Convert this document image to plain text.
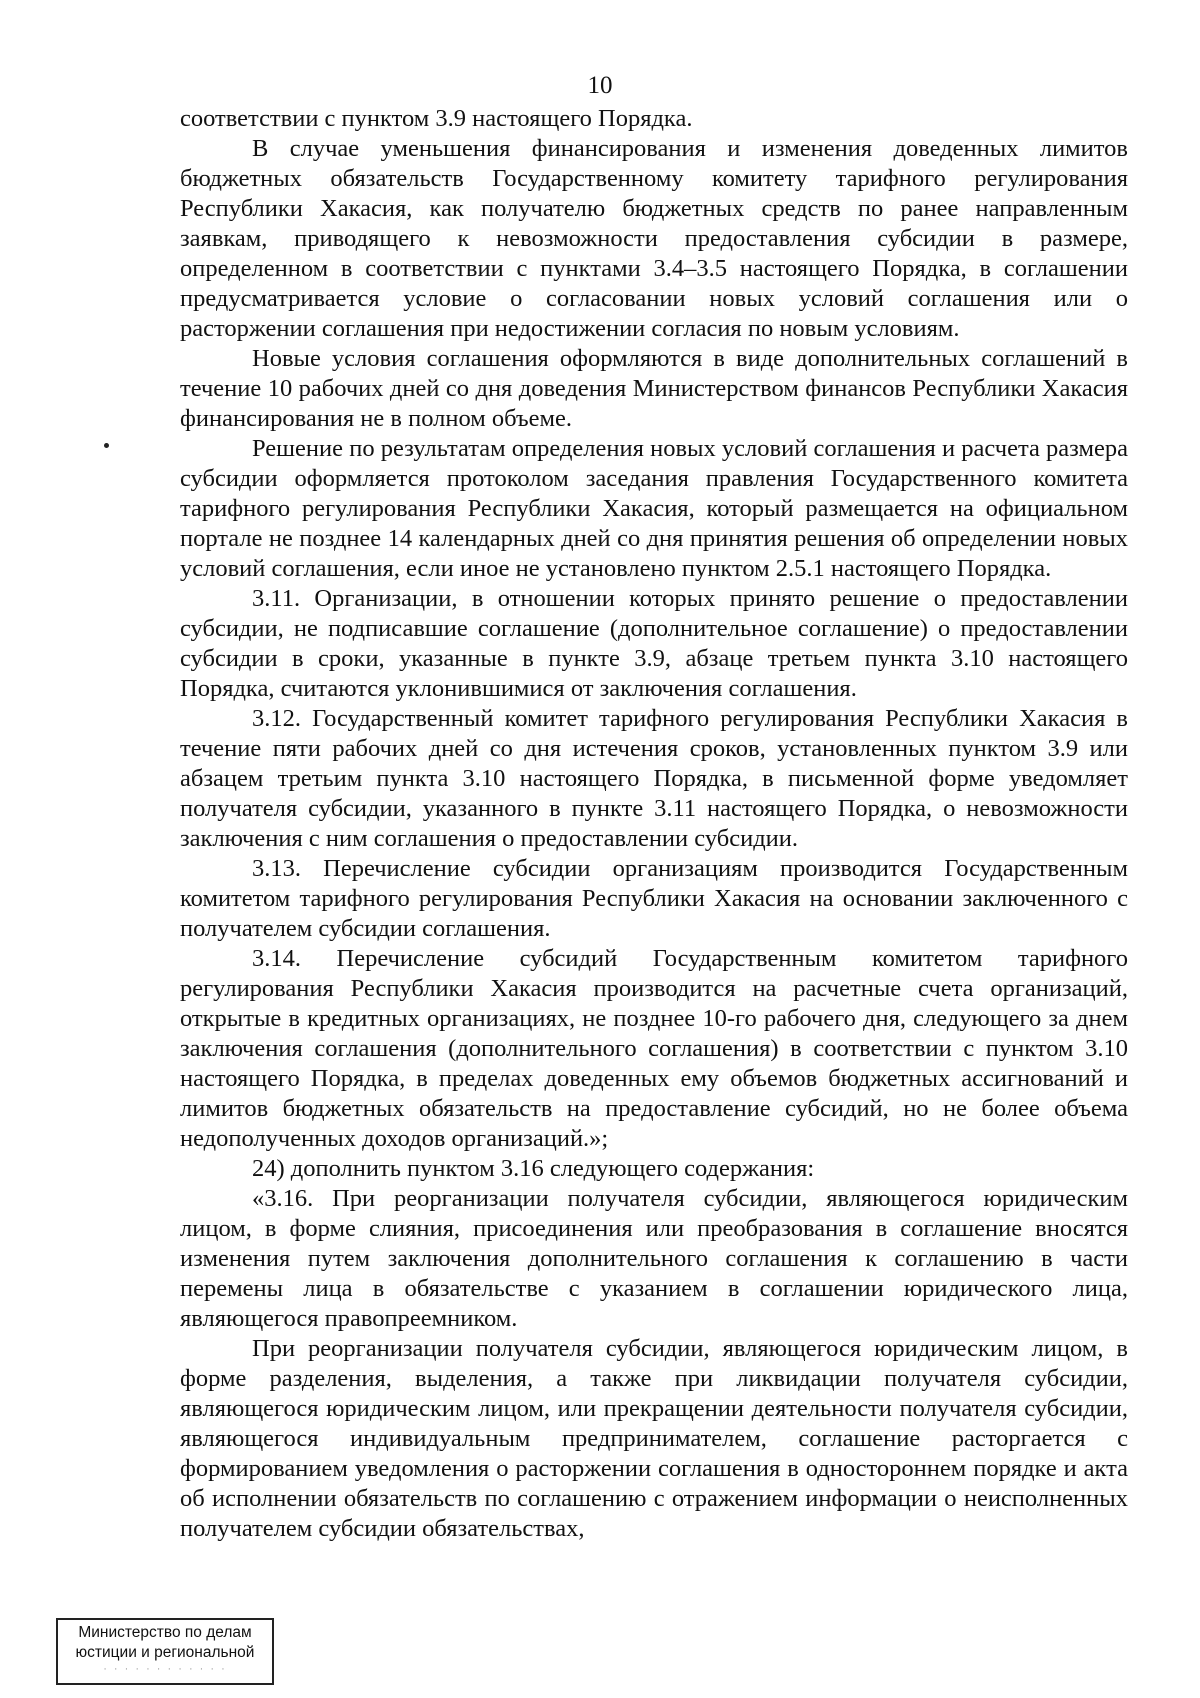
10

соответствии с пунктом 3.9 настоящего Порядка.

В случае уменьшения финансирования и изменения доведенных лимитов бюджетных обязательств Государственному комитету тарифного регулирования Республики Хакасия, как получателю бюджетных средств по ранее направленным заявкам, приводящего к невозможности предоставления субсидии в размере, определенном в соответствии с пунктами 3.4–3.5 настоящего Порядка, в соглашении предусматривается условие о согласовании новых условий соглашения или о расторжении соглашения при недостижении согласия по новым условиям.

Новые условия соглашения оформляются в виде дополнительных соглашений в течение 10 рабочих дней со дня доведения Министерством финансов Республики Хакасия финансирования не в полном объеме.

Решение по результатам определения новых условий соглашения и расчета размера субсидии оформляется протоколом заседания правления Государственного комитета тарифного регулирования Республики Хакасия, который размещается на официальном портале не позднее 14 календарных дней со дня принятия решения об определении новых условий соглашения, если иное не установлено пунктом 2.5.1 настоящего Порядка.

3.11. Организации, в отношении которых принято решение о предоставлении субсидии, не подписавшие соглашение (дополнительное соглашение) о предоставлении субсидии в сроки, указанные в пункте 3.9, абзаце третьем пункта 3.10 настоящего Порядка, считаются уклонившимися от заключения соглашения.

3.12. Государственный комитет тарифного регулирования Республики Хакасия в течение пяти рабочих дней со дня истечения сроков, установленных пунктом 3.9 или абзацем третьим пункта 3.10 настоящего Порядка, в письменной форме уведомляет получателя субсидии, указанного в пункте 3.11 настоящего Порядка, о невозможности заключения с ним соглашения о предоставлении субсидии.

3.13. Перечисление субсидии организациям производится Государственным комитетом тарифного регулирования Республики Хакасия на основании заключенного с получателем субсидии соглашения.

3.14. Перечисление субсидий Государственным комитетом тарифного регулирования Республики Хакасия производится на расчетные счета организаций, открытые в кредитных организациях, не позднее 10-го рабочего дня, следующего за днем заключения соглашения (дополнительного соглашения) в соответствии с пунктом 3.10 настоящего Порядка, в пределах доведенных ему объемов бюджетных ассигнований и лимитов бюджетных обязательств на предоставление субсидий, но не более объема недополученных доходов организаций.»;

24) дополнить пунктом 3.16 следующего содержания:

«3.16. При реорганизации получателя субсидии, являющегося юридическим лицом, в форме слияния, присоединения или преобразования в соглашение вносятся изменения путем заключения дополнительного соглашения к соглашению в части перемены лица в обязательстве с указанием в соглашении юридического лица, являющегося правопреемником.

При реорганизации получателя субсидии, являющегося юридическим лицом, в форме разделения, выделения, а также при ликвидации получателя субсидии, являющегося юридическим лицом, или прекращении деятельности получателя субсидии, являющегося индивидуальным предпринимателем, соглашение расторгается с формированием уведомления о расторжении соглашения в одностороннем порядке и акта об исполнении обязательств по соглашению с отражением информации о неисполненных получателем субсидии обязательствах,

Министерство по делам
юстиции и региональной
· · · · · · · · · · · ·
